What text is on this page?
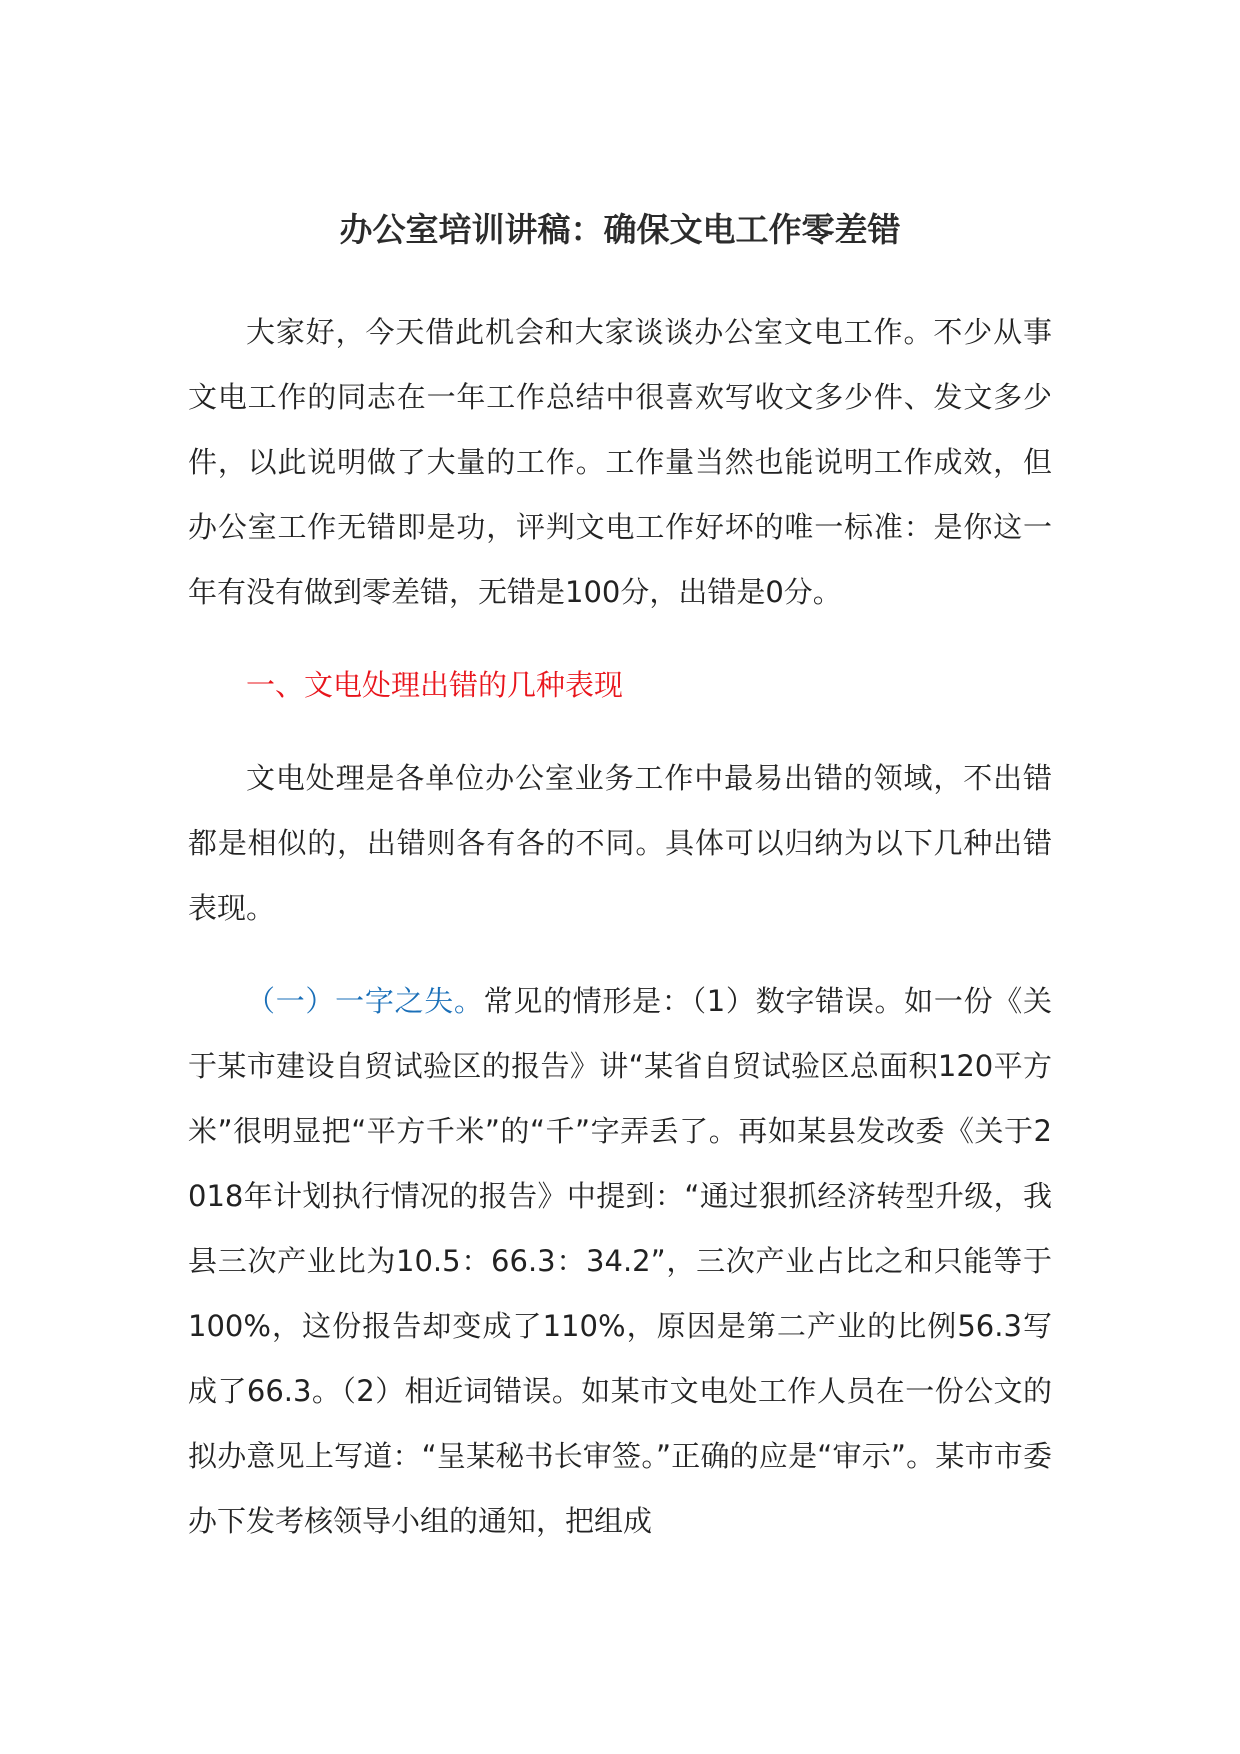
办公室培训讲稿：确保文电工作零差错

大家好，今天借此机会和大家谈谈办公室文电工作。不少从事文电工作的同志在一年工作总结中很喜欢写收文多少件、发文多少件，以此说明做了大量的工作。工作量当然也能说明工作成效，但办公室工作无错即是功，评判文电工作好坏的唯一标准：是你这一年有没有做到零差错，无错是100分，出错是0分。

一、文电处理出错的几种表现

文电处理是各单位办公室业务工作中最易出错的领域，不出错都是相似的，出错则各有各的不同。具体可以归纳为以下几种出错表现。

（一）一字之失。常见的情形是：（1）数字错误。如一份《关于某市建设自贸试验区的报告》讲“某省自贸试验区总面积120平方米”很明显把“平方千米”的“千”字弄丢了。再如某县发改委《关于2018年计划执行情况的报告》中提到：“通过狠抓经济转型升级，我县三次产业比为10.5：66.3：34.2”，三次产业占比之和只能等于100%，这份报告却变成了110%，原因是第二产业的比例56.3写成了66.3。（2）相近词错误。如某市文电处工作人员在一份公文的拟办意见上写道：“呈某秘书长审签。”正确的应是“审示”。某市市委办下发考核领导小组的通知，把组成
